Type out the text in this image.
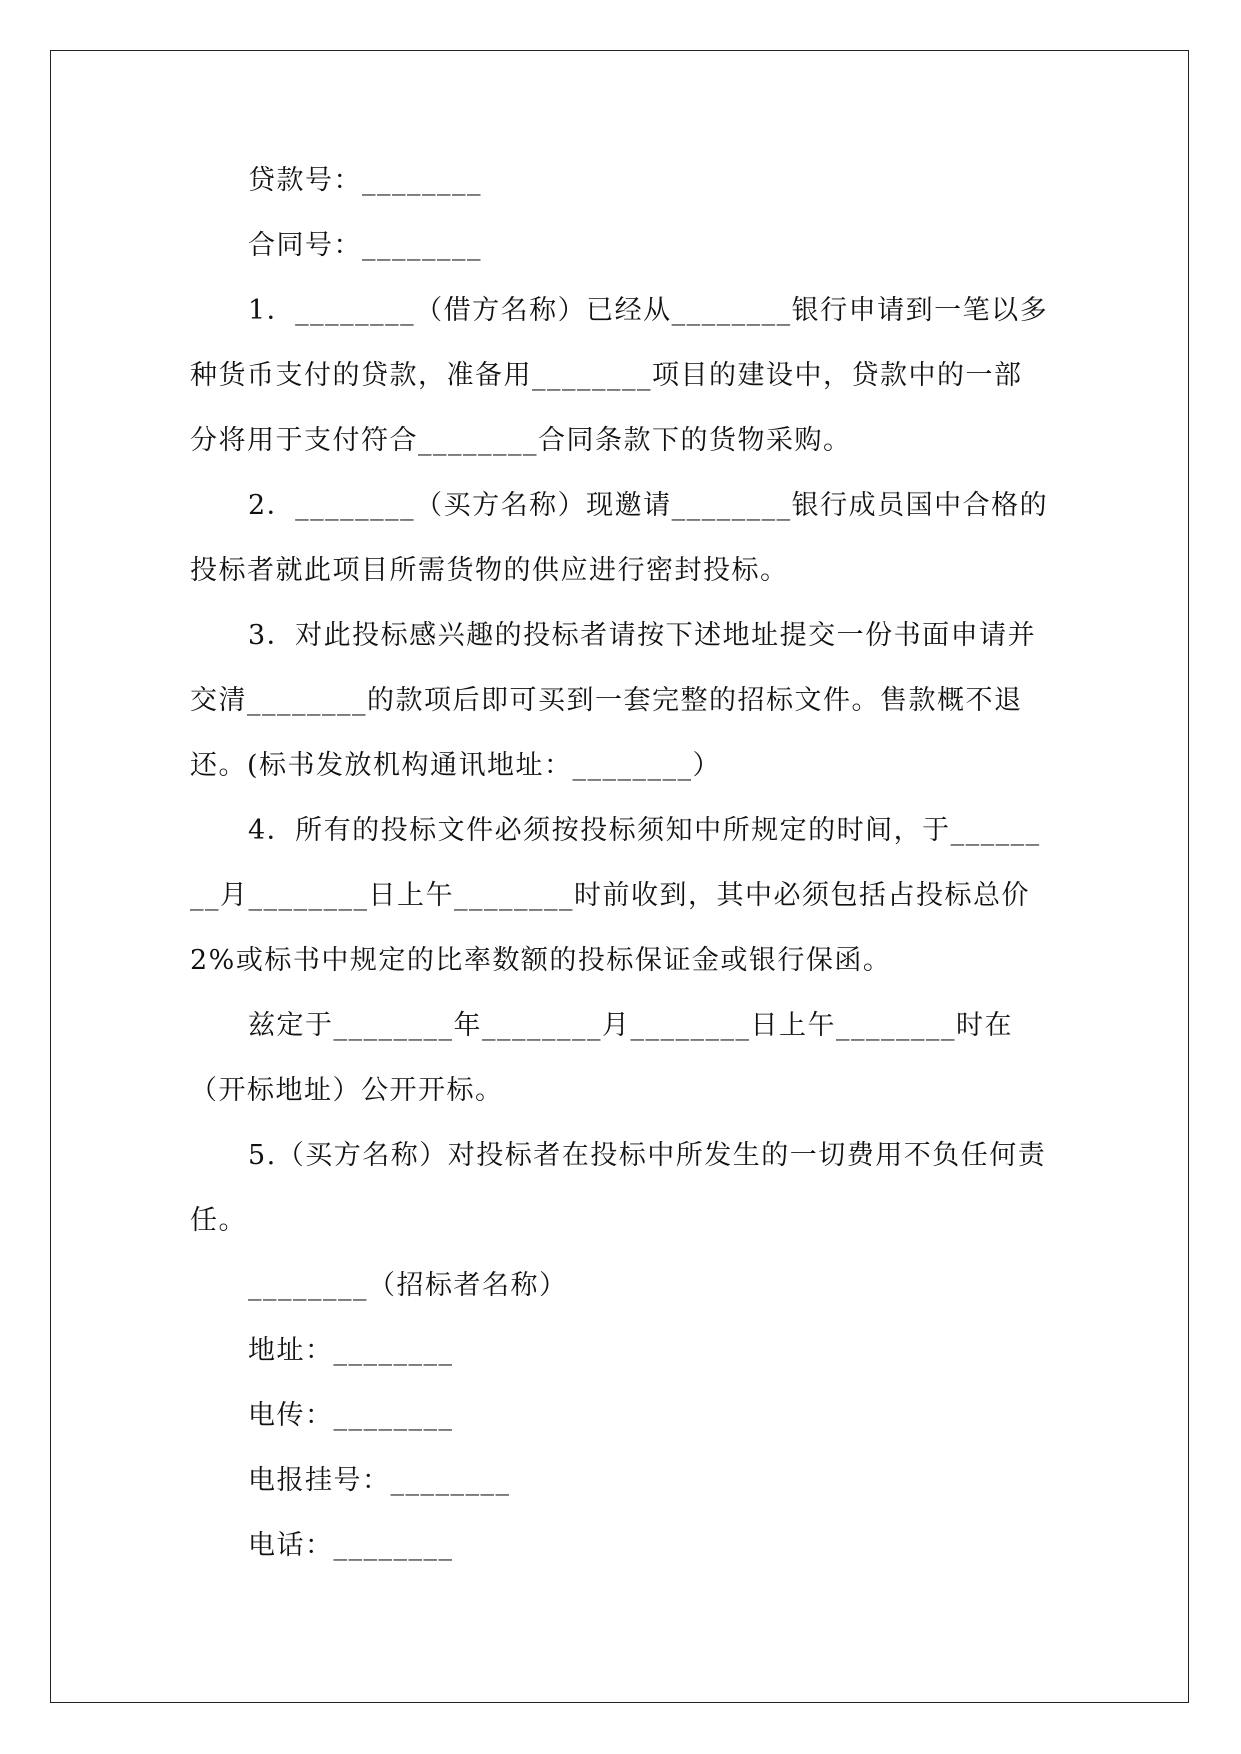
贷款号：________

合同号：________

1．________（借方名称）已经从________银行申请到一笔以多种货币支付的贷款，准备用________项目的建设中，贷款中的一部分将用于支付符合________合同条款下的货物采购。

2．________（买方名称）现邀请________银行成员国中合格的投标者就此项目所需货物的供应进行密封投标。

3．对此投标感兴趣的投标者请按下述地址提交一份书面申请并交清________的款项后即可买到一套完整的招标文件。售款概不退还。(标书发放机构通讯地址：________）

4．所有的投标文件必须按投标须知中所规定的时间，于________月________日上午________时前收到，其中必须包括占投标总价2%或标书中规定的比率数额的投标保证金或银行保函。

兹定于________年________月________日上午________时在（开标地址）公开开标。

5.（买方名称）对投标者在投标中所发生的一切费用不负任何责任。

________（招标者名称）

地址：________

电传：________

电报挂号：________

电话：________
